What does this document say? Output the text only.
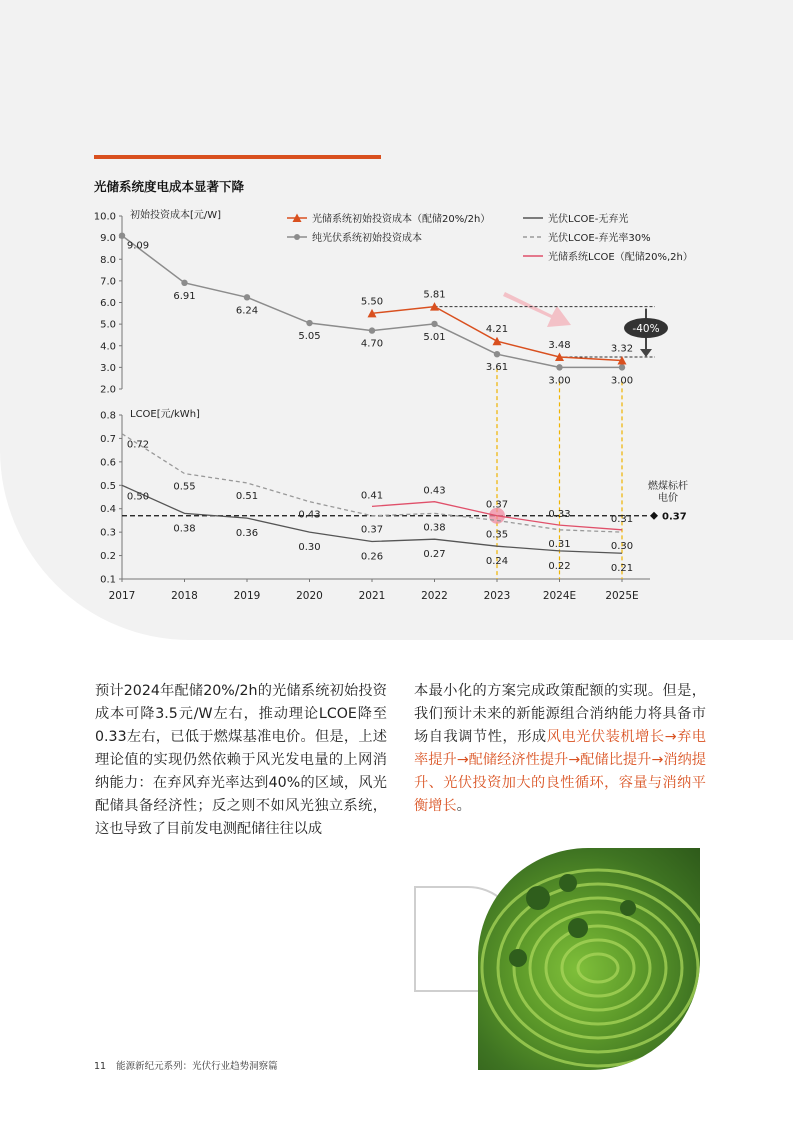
光储系统度电成本显著下降
10.0
9.0
8.0
7.0
6.0
5.0
4.0
3.0
2.0
0.8
0.7
0.6
0.5
0.4
0.3
0.2
0.1
2017	2018	2019	2020	2021	2022	2023	2024E	2025E
初始投资成本[元/W]
LCOE[元/kWh]
-40%
0.37
燃煤标杆
电价
9.09
6.91
6.24
5.05
4.70
5.01
3.61
3.00	3.00
5.50
5.81
4.21
3.48	3.32
0.50
0.38	0.36
0.30
0.26	0.27
0.24	0.22	0.21
0.72
0.55
0.51
0.43
0.37	0.38
0.35
0.31	0.30
0.41	0.43
0.37
0.33	0.31
光储系统初始投资成本（配储20%/2h）
纯光伏系统初始投资成本
光伏LCOE-无弃光
光伏LCOE-弃光率30%
光储系统LCOE（配储20%,2h）
预计2024年配储20%/2h的光储系统初始投资成本可降3.5元/W左右，推动理论LCOE降至0.33左右，已低于燃煤基准电价。但是，上述理论值的实现仍然依赖于风光发电量的上网消纳能力：在弃风弃光率达到40%的区域，风光配储具备经济性；反之则不如风光独立系统，这也导致了目前发电测配储往往以成
本最小化的方案完成政策配额的实现。但是，我们预计未来的新能源组合消纳能力将具备市场自我调节性，形成风电光伏装机增长→弃电率提升→配储经济性提升→配储比提升→消纳提升、光伏投资加大的良性循环，容量与消纳平衡增长。
11 能源新纪元系列：光伏行业趋势洞察篇
